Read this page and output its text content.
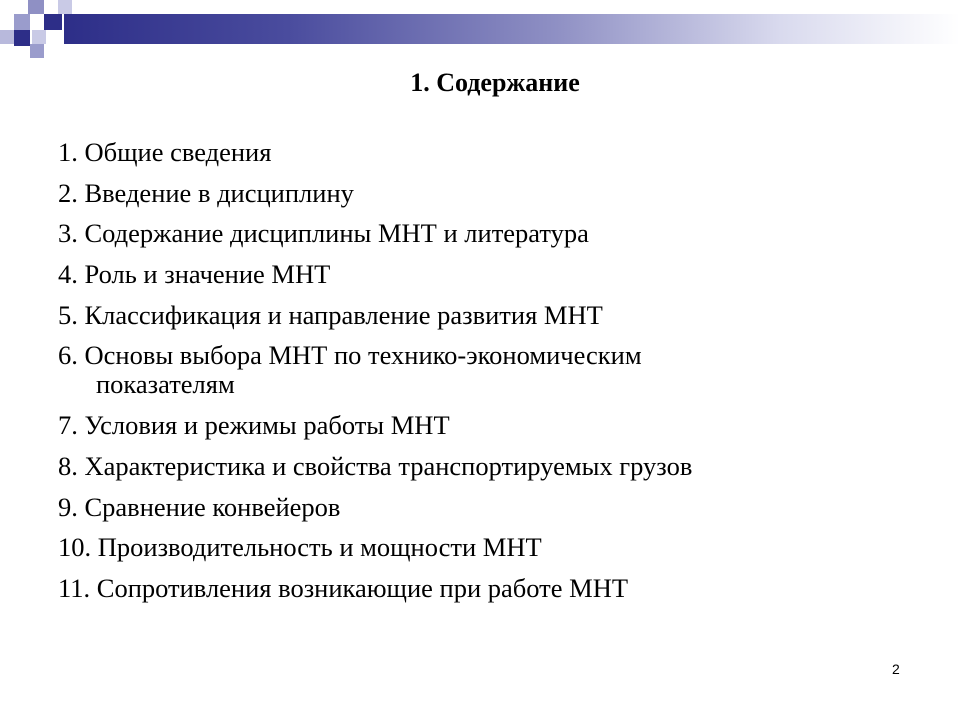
1. Содержание
1. Общие сведения
2. Введение в дисциплину
3. Содержание дисциплины МНТ и литература
4. Роль и значение МНТ
5. Классификация и направление развития МНТ
6. Основы выбора МНТ по технико-экономическим
показателям
7. Условия и режимы работы МНТ
8. Характеристика и свойства транспортируемых грузов
9. Сравнение конвейеров
10. Производительность и мощности МНТ
11. Сопротивления возникающие при работе МНТ
2
